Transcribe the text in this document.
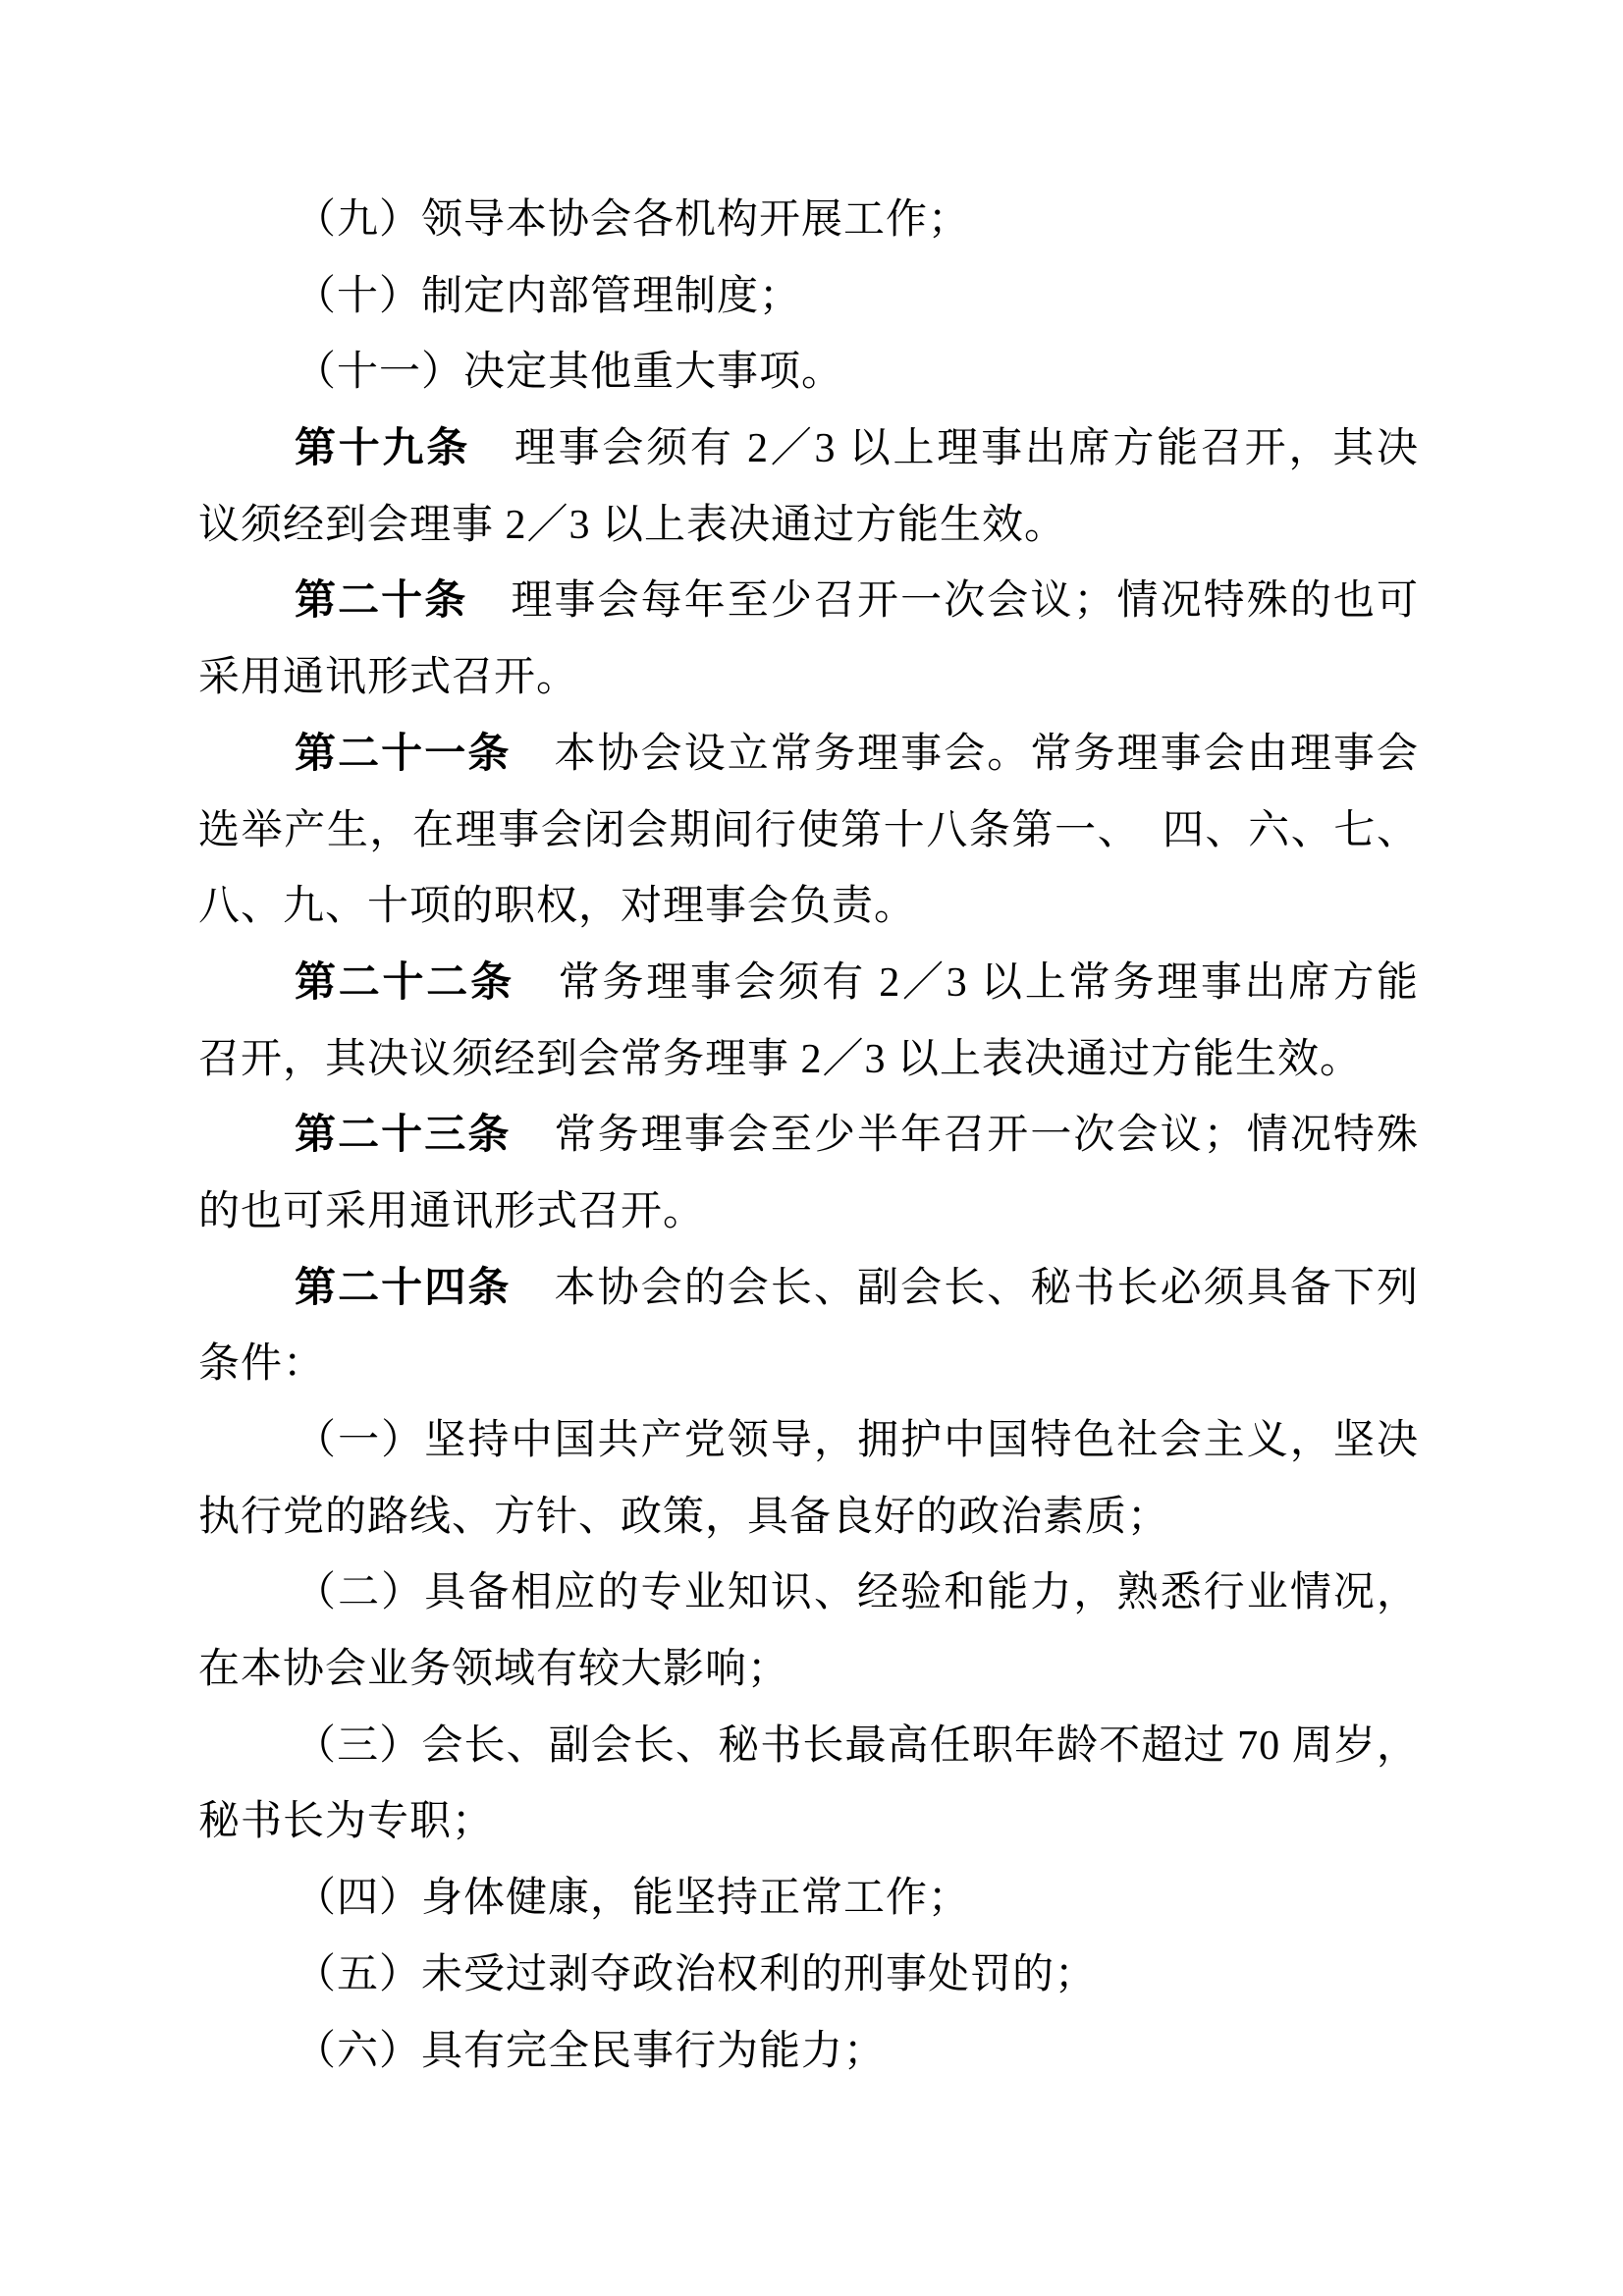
（九）领导本协会各机构开展工作；
（十）制定内部管理制度；
（十一）决定其他重大事项。
第十九条　理事会须有 2／3 以上理事出席方能召开，其决
议须经到会理事 2／3 以上表决通过方能生效。
第二十条　理事会每年至少召开一次会议；情况特殊的也可
采用通讯形式召开。
第二十一条　本协会设立常务理事会。常务理事会由理事会
选举产生，在理事会闭会期间行使第十八条第一、　四、六、七、
八、九、十项的职权，对理事会负责。
第二十二条　常务理事会须有 2／3 以上常务理事出席方能
召开，其决议须经到会常务理事 2／3 以上表决通过方能生效。
第二十三条　常务理事会至少半年召开一次会议；情况特殊
的也可采用通讯形式召开。
第二十四条　本协会的会长、副会长、秘书长必须具备下列
条件：
（一）坚持中国共产党领导，拥护中国特色社会主义，坚决
执行党的路线、方针、政策，具备良好的政治素质；
（二）具备相应的专业知识、经验和能力，熟悉行业情况，
在本协会业务领域有较大影响；
（三）会长、副会长、秘书长最高任职年龄不超过 70 周岁，
秘书长为专职；
（四）身体健康，能坚持正常工作；
（五）未受过剥夺政治权利的刑事处罚的；
（六）具有完全民事行为能力；
